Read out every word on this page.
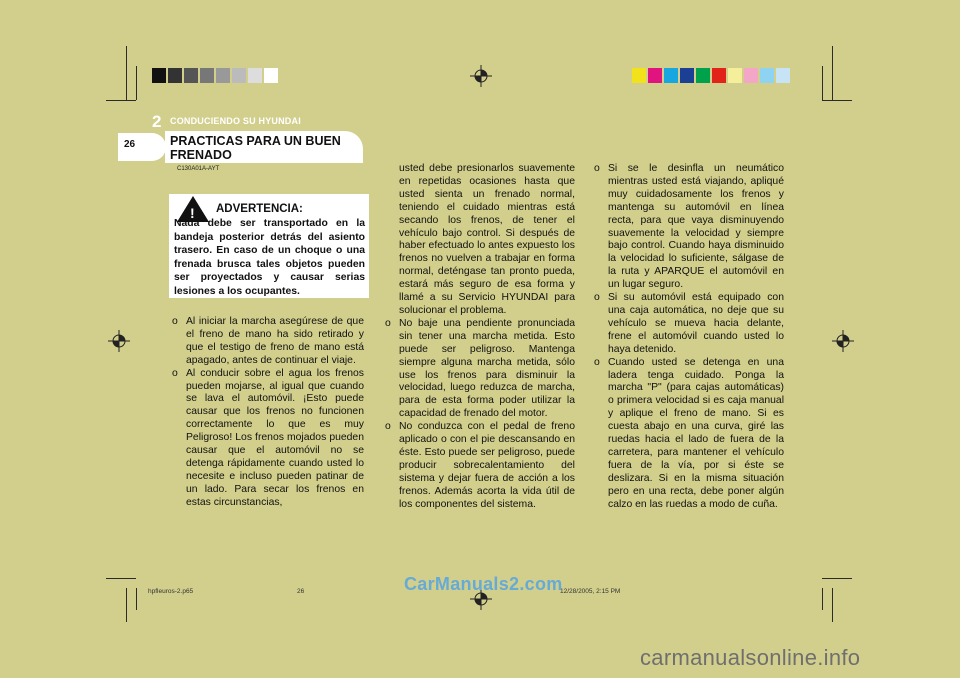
2 CONDUCIENDO SU HYUNDAI
26	PRACTICAS PARA UN BUEN FRENADO
C130A01A-AYT
! ADVERTENCIA:
Nada debe ser transportado en la bandeja posterior detrás del asiento trasero. En caso de un choque o una frenada brusca tales objetos pueden ser proyectados y causar serias lesiones a los ocupantes.
o Al iniciar la marcha asegúrese de que el freno de mano ha sido retirado y que el testigo de freno de mano está apagado, antes de continuar el viaje.
o Al conducir sobre el agua los frenos pueden mojarse, al igual que cuando se lava el automóvil. ¡Esto puede causar que los frenos no funcionen correctamente lo que es muy Peligroso! Los frenos mojados pueden causar que el automóvil no se detenga rápidamente cuando usted lo necesite e incluso pueden patinar de un lado. Para secar los frenos en estas circunstancias,

usted debe presionarlos suavemente en repetidas ocasiones hasta que usted sienta un frenado normal, teniendo el cuidado mientras está secando los frenos, de tener el vehículo bajo control. Si después de haber efectuado lo antes expuesto los frenos no vuelven a trabajar en forma normal, deténgase tan pronto pueda, estará más seguro de esa forma y llamé a su Servicio HYUNDAI para solucionar el problema.

o No baje una pendiente pronunciada sin tener una marcha metida. Esto puede ser peligroso. Mantenga siempre alguna marcha metida, sólo use los frenos para disminuir la velocidad, luego reduzca de marcha, para de esta forma poder utilizar la capacidad de frenado del motor.
o No conduzca con el pedal de freno aplicado o con el pie descansando en éste. Esto puede ser peligroso, puede producir sobrecalentamiento del sistema y dejar fuera de acción a los frenos. Además acorta la vida útil de los componentes del sistema.
o Si se le desinfla un neumático mientras usted está viajando, apliqué muy cuidadosamente los frenos y mantenga su automóvil en línea recta, para que vaya disminuyendo suavemente la velocidad y siempre bajo control. Cuando haya disminuido la velocidad lo suficiente, sálgase de la ruta y APARQUE el automóvil en un lugar seguro.
o Si su automóvil está equipado con una caja automática, no deje que su vehículo se mueva hacia delante, frene el automóvil cuando usted lo haya detenido.
o Cuando usted se detenga en una ladera tenga cuidado. Ponga la marcha "P" (para cajas automáticas) o primera velocidad si es caja manual y aplique el freno de mano. Si es cuesta abajo en una curva, giré las ruedas hacia el lado de fuera de la carretera, para mantener el vehículo fuera de la vía, por si éste se deslizara. Si en la misma situación pero en una recta, debe poner algún calzo en las ruedas a modo de cuña.
hpfleuros-2.p65	26	12/28/2005, 2:15 PM
CarManuals2.com
carmanualsonline.info
